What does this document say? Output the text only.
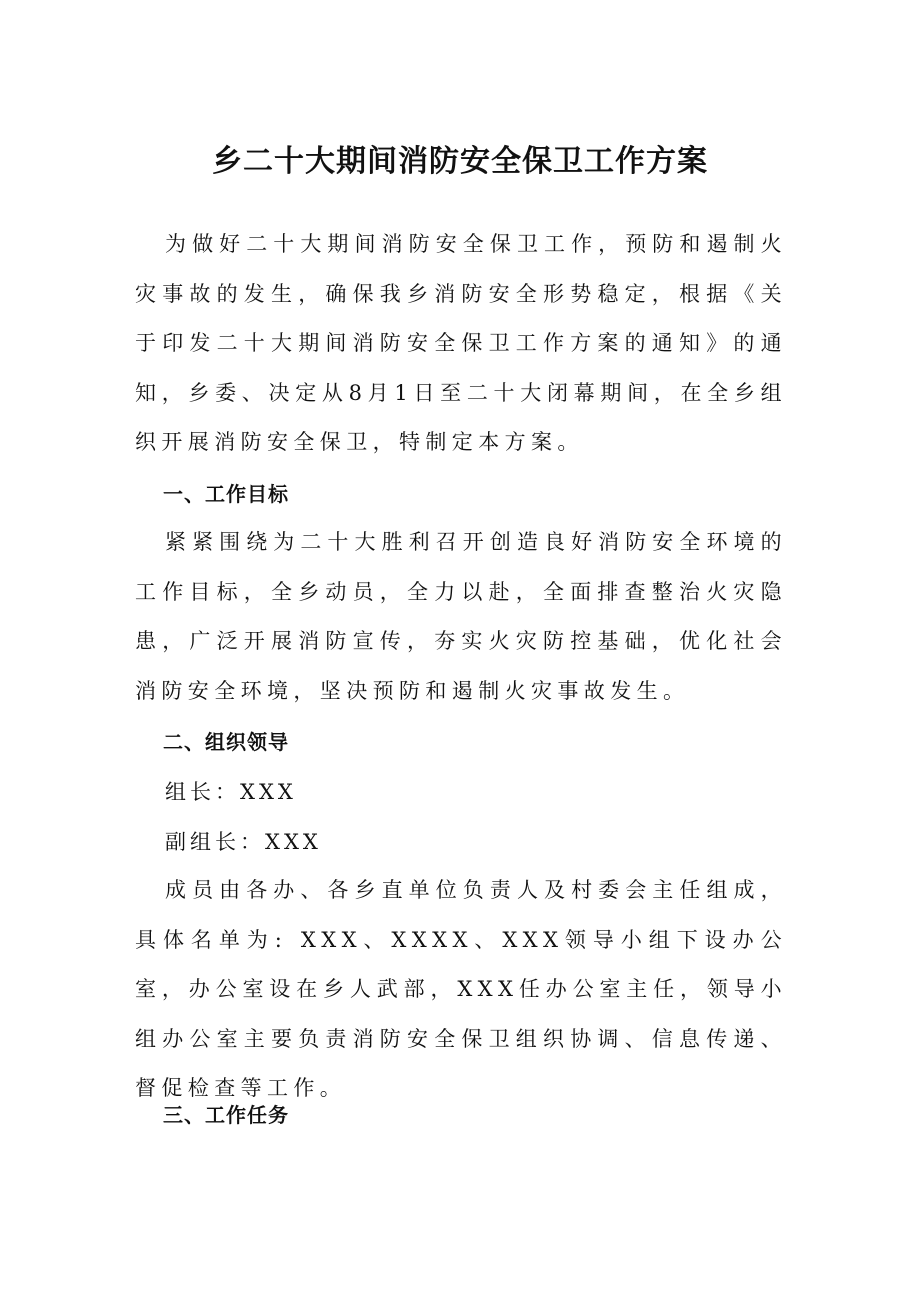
乡二十大期间消防安全保卫工作方案

为做好二十大期间消防安全保卫工作，预防和遏制火灾事故的发生，确保我乡消防安全形势稳定，根据《关于印发二十大期间消防安全保卫工作方案的通知》的通知，乡委、决定从8月1日至二十大闭幕期间，在全乡组织开展消防安全保卫，特制定本方案。

一、工作目标

紧紧围绕为二十大胜利召开创造良好消防安全环境的工作目标，全乡动员，全力以赴，全面排查整治火灾隐患，广泛开展消防宣传，夯实火灾防控基础，优化社会消防安全环境，坚决预防和遏制火灾事故发生。

二、组织领导

组长：XXX

副组长：XXX

成员由各办、各乡直单位负责人及村委会主任组成，具体名单为: XXX、XXXX、XXX领导小组下设办公室，办公室设在乡人武部，XXX任办公室主任，领导小组办公室主要负责消防安全保卫组织协调、信息传递、督促检查等工作。

三、工作任务
